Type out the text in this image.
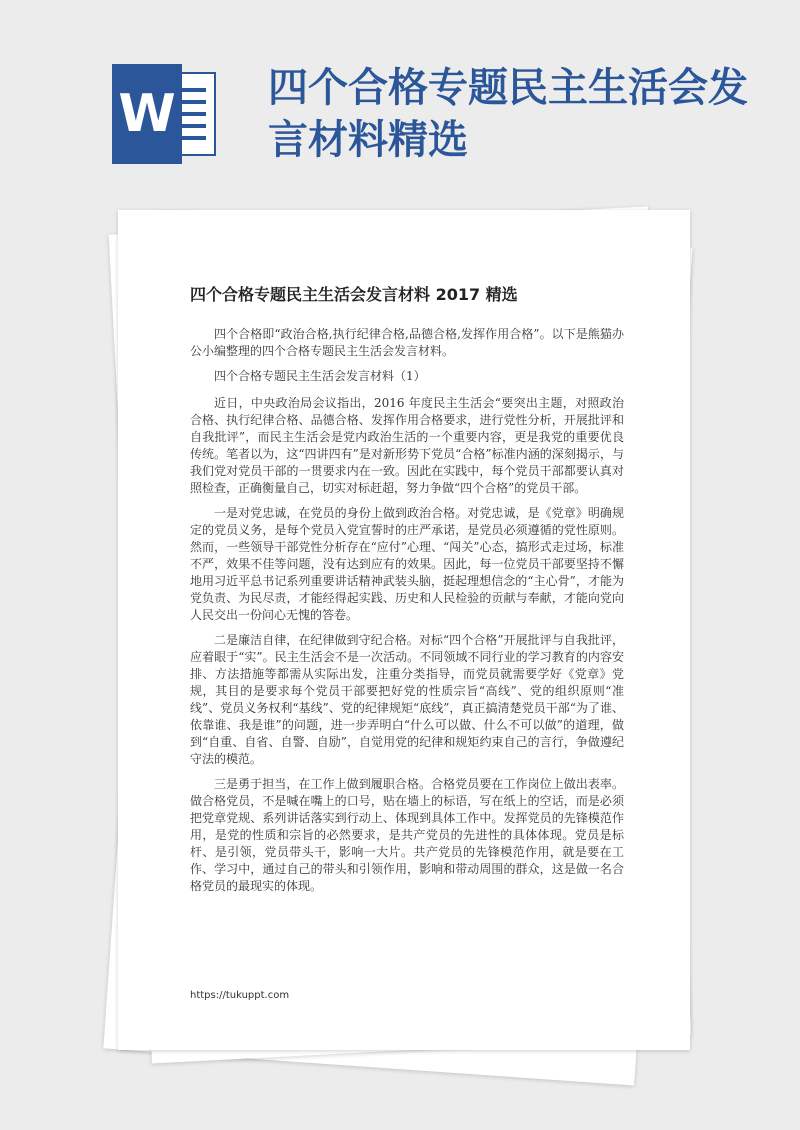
W 四个合格专题民主生活会发言材料精选
四个合格专题民主生活会发言材料 2017 精选

四个合格即“政治合格,执行纪律合格,品德合格,发挥作用合格”。以下是熊猫办公小编整理的四个合格专题民主生活会发言材料。

四个合格专题民主生活会发言材料（1）

近日，中央政治局会议指出，2016 年度民主生活会“要突出主题，对照政治合格、执行纪律合格、品德合格、发挥作用合格要求，进行党性分析，开展批评和自我批评”，而民主生活会是党内政治生活的一个重要内容，更是我党的重要优良传统。笔者以为，这“四讲四有”是对新形势下党员“合格”标准内涵的深刻揭示，与我们党对党员干部的一贯要求内在一致。因此在实践中，每个党员干部都要认真对照检查，正确衡量自己，切实对标赶超，努力争做“四个合格”的党员干部。

一是对党忠诚，在党员的身份上做到政治合格。对党忠诚，是《党章》明确规定的党员义务，是每个党员入党宣誓时的庄严承诺，是党员必须遵循的党性原则。然而，一些领导干部党性分析存在“应付”心理、“闯关”心态，搞形式走过场，标准不严，效果不佳等问题，没有达到应有的效果。因此，每一位党员干部要坚持不懈地用习近平总书记系列重要讲话精神武装头脑，挺起理想信念的“主心骨”，才能为党负责、为民尽责，才能经得起实践、历史和人民检验的贡献与奉献，才能向党向人民交出一份问心无愧的答卷。

二是廉洁自律，在纪律做到守纪合格。对标“四个合格”开展批评与自我批评，应着眼于“实”。民主生活会不是一次活动。不同领域不同行业的学习教育的内容安排、方法措施等都需从实际出发，注重分类指导，而党员就需要学好《党章》党规，其目的是要求每个党员干部要把好党的性质宗旨“高线”、党的组织原则“准线”、党员义务权利“基线”、党的纪律规矩“底线”，真正搞清楚党员干部“为了谁、依靠谁、我是谁”的问题，进一步弄明白“什么可以做、什么不可以做”的道理，做到“自重、自省、自警、自励”，自觉用党的纪律和规矩约束自己的言行，争做遵纪守法的模范。

三是勇于担当，在工作上做到履职合格。合格党员要在工作岗位上做出表率。做合格党员，不是喊在嘴上的口号，贴在墙上的标语，写在纸上的空话，而是必须把党章党规、系列讲话落实到行动上、体现到具体工作中。发挥党员的先锋模范作用，是党的性质和宗旨的必然要求，是共产党员的先进性的具体体现。党员是标杆、是引领，党员带头干，影响一大片。共产党员的先锋模范作用，就是要在工作、学习中，通过自己的带头和引领作用，影响和带动周围的群众，这是做一名合格党员的最现实的体现。

https://tukuppt.com
